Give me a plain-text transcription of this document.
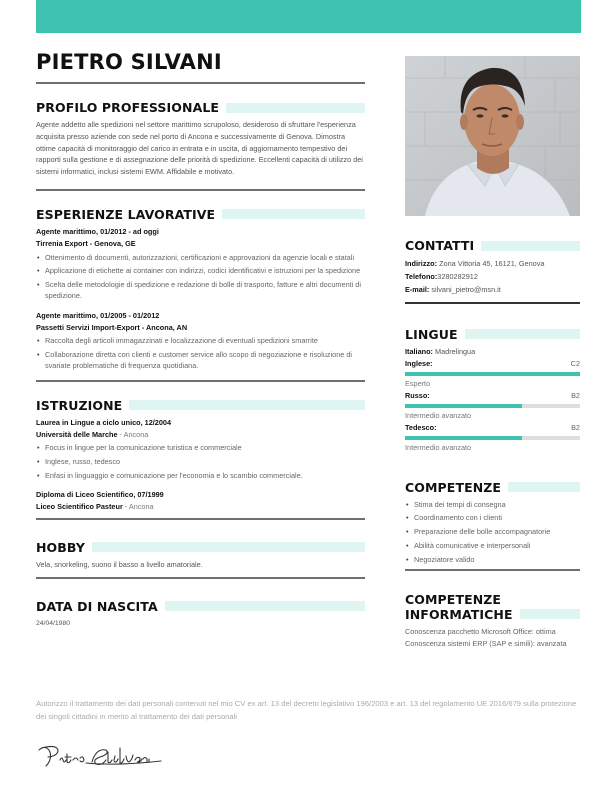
PIETRO SILVANI
PROFILO PROFESSIONALE

Agente addetto alle spedizioni nel settore marittimo scrupoloso, desideroso di sfruttare l'esperienza acquisita presso aziende con sede nel porto di Ancona e successivamente di Genova. Dimostra ottime capacità di monitoraggio del carico in entrata e in uscita, di aggiornamento tempestivo dei rapporti sulla gestione e di assegnazione delle priorità di spedizione. Eccellenti capacità di utilizzo dei sistemi informatici, inclusi sistemi EWM. Affidabile e motivato.

ESPERIENZE LAVORATIVE
Agente marittimo, 01/2012 - ad oggi
Tirrenia Export - Genova, GE
• Ottenimento di documenti, autorizzazioni, certificazioni e approvazioni da agenzie locali e statali
• Applicazione di etichette ai container con indirizzi, codici identificativi e istruzioni per la spedizione
• Scelta delle metodologie di spedizione e redazione di bolle di trasporto, fatture e altri documenti di spedizione.
Agente marittimo, 01/2005 - 01/2012
Passetti Servizi Import-Export - Ancona, AN
• Raccolta degli articoli immagazzinati e localizzazione di eventuali spedizioni smarrite
• Collaborazione diretta con clienti e customer service allo scopo di negoziazione e risoluzione di svariate problematiche di frequenza quotidiana.
ISTRUZIONE
Laurea in Lingue a ciclo unico, 12/2004
Università delle Marche - Ancona
• Focus in lingue per la comunicazione turistica e commerciale
• Inglese, russo, tedesco
• Enfasi in linguaggio e comunicazione per l'economia e lo scambio commerciale.
Diploma di Liceo Scientifico, 07/1999
Liceo Scientifico Pasteur - Ancona
HOBBY

Vela, snorkeling, suono il basso a livello amatoriale.

DATA DI NASCITA

24/04/1980

Autorizzo il trattamento dei dati personali contenuti nel mio CV ex art. 13 del decreto legislativo 196/2003 e art. 13 del regolamento UE 2016/679 sulla protezione dei singoli cittadini in merito al trattamento dei dati personali

CONTATTI
Indirizzo: Zona Vittoria 45, 16121, Genova
Telefono:3280282912
E-mail: silvani_pietro@msn.it
LINGUE
Italiano: Madrelingua
Inglese:	C2
Esperto
Russo:	B2
Intermedio avanzato
Tedesco:	B2
Intermedio avanzato
COMPETENZE
• Stima dei tempi di consegna
• Coordinamento con i clienti
• Preparazione delle bolle accompagnatorie
• Abilità comunicative e interpersonali
• Negoziatore valido
COMPETENZE
INFORMATICHE

Conoscenza pacchetto Microsoft Office: ottima

Conoscenza sistemi ERP (SAP e simili): avanzata
